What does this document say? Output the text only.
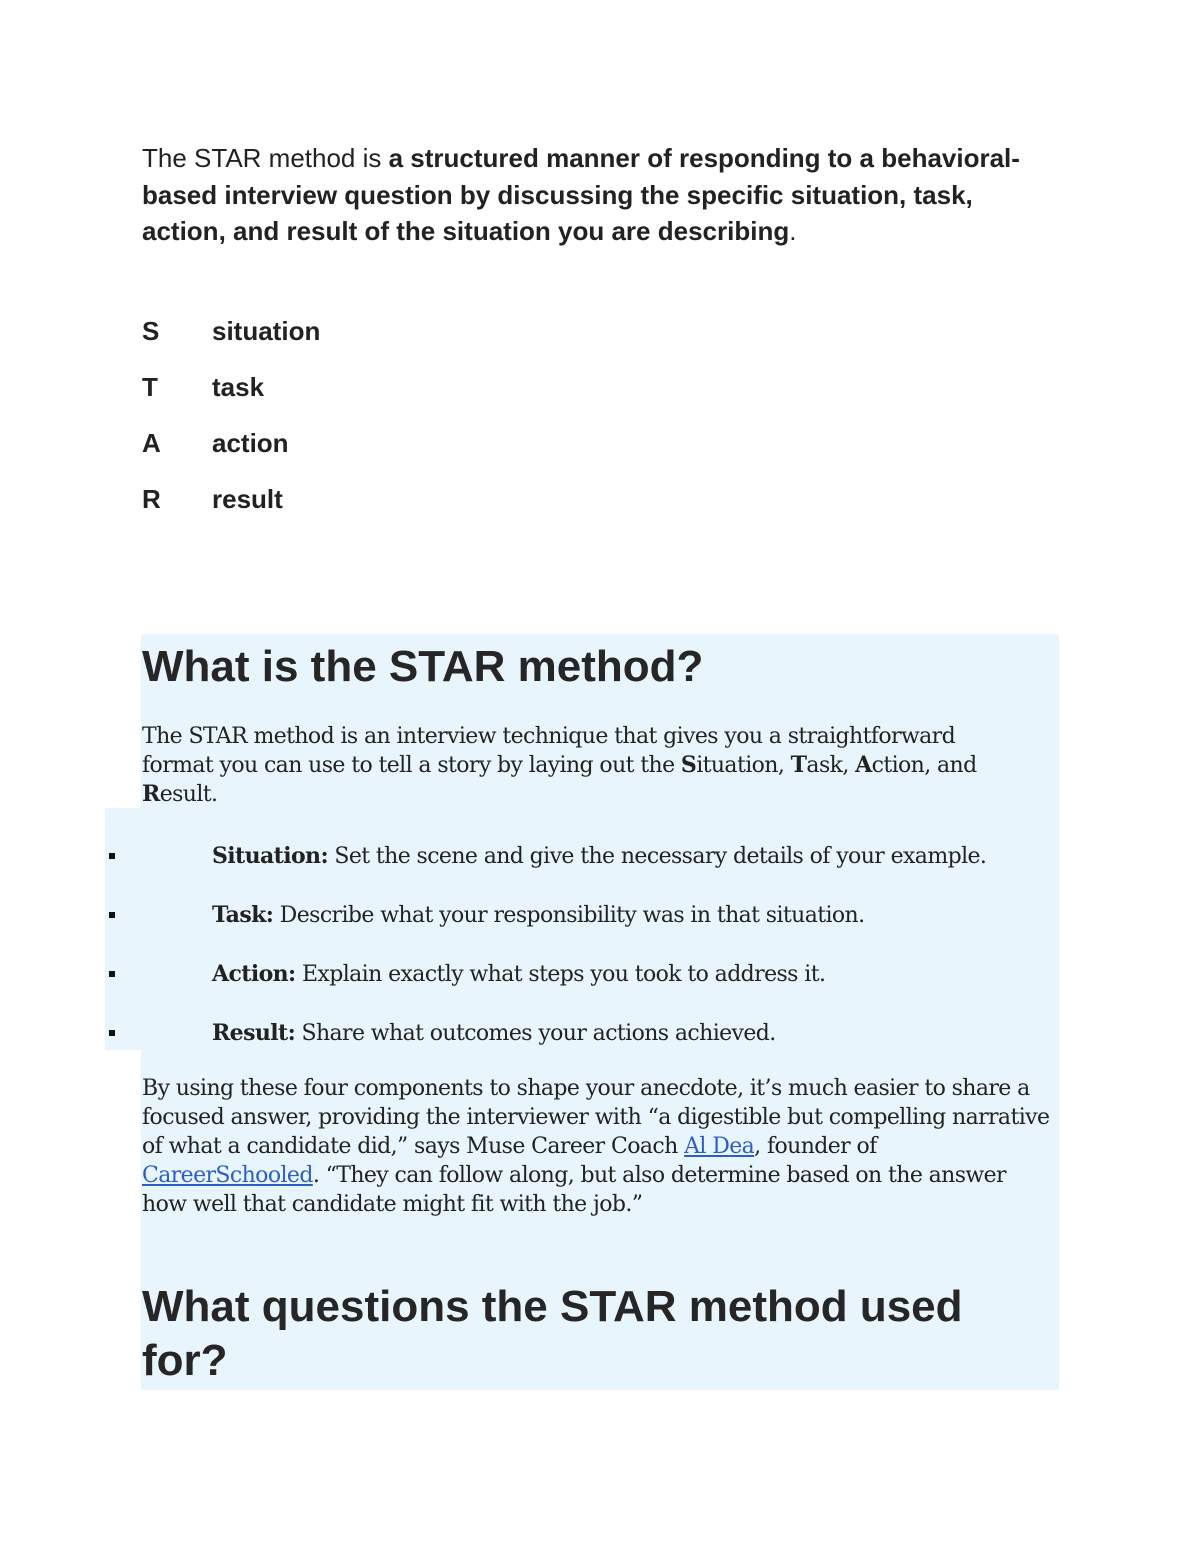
The STAR method is a structured manner of responding to a behavioral-based interview question by discussing the specific situation, task, action, and result of the situation you are describing.
S	situation
T	task
A	action
R	result
What is the STAR method?

The STAR method is an interview technique that gives you a straightforward format you can use to tell a story by laying out the Situation, Task, Action, and Result.

Situation: Set the scene and give the necessary details of your example.
Task: Describe what your responsibility was in that situation.
Action: Explain exactly what steps you took to address it.
Result: Share what outcomes your actions achieved.

By using these four components to shape your anecdote, it’s much easier to share a focused answer, providing the interviewer with “a digestible but compelling narrative of what a candidate did,” says Muse Career Coach Al Dea, founder of CareerSchooled. “They can follow along, but also determine based on the answer how well that candidate might fit with the job.”

What questions the STAR method used for?
